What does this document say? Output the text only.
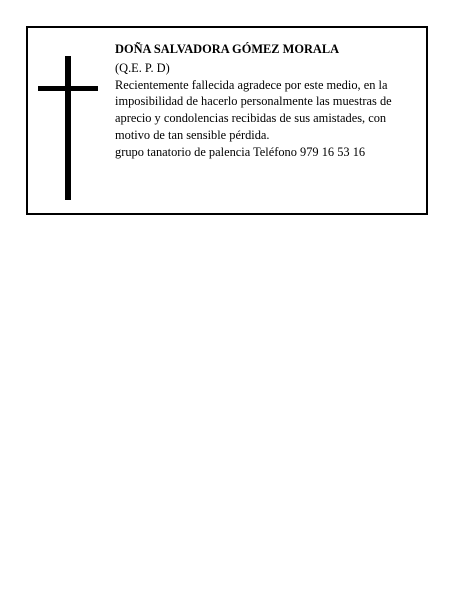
DOÑA SALVADORA GÓMEZ MORALA

(Q.E. P. D)

Recientemente fallecida agradece por este medio, en la imposibilidad de hacerlo personalmente las muestras de aprecio y condolencias recibidas de sus amistades, con motivo de tan sensible pérdida.

grupo tanatorio de palencia Teléfono 979 16 53 16
